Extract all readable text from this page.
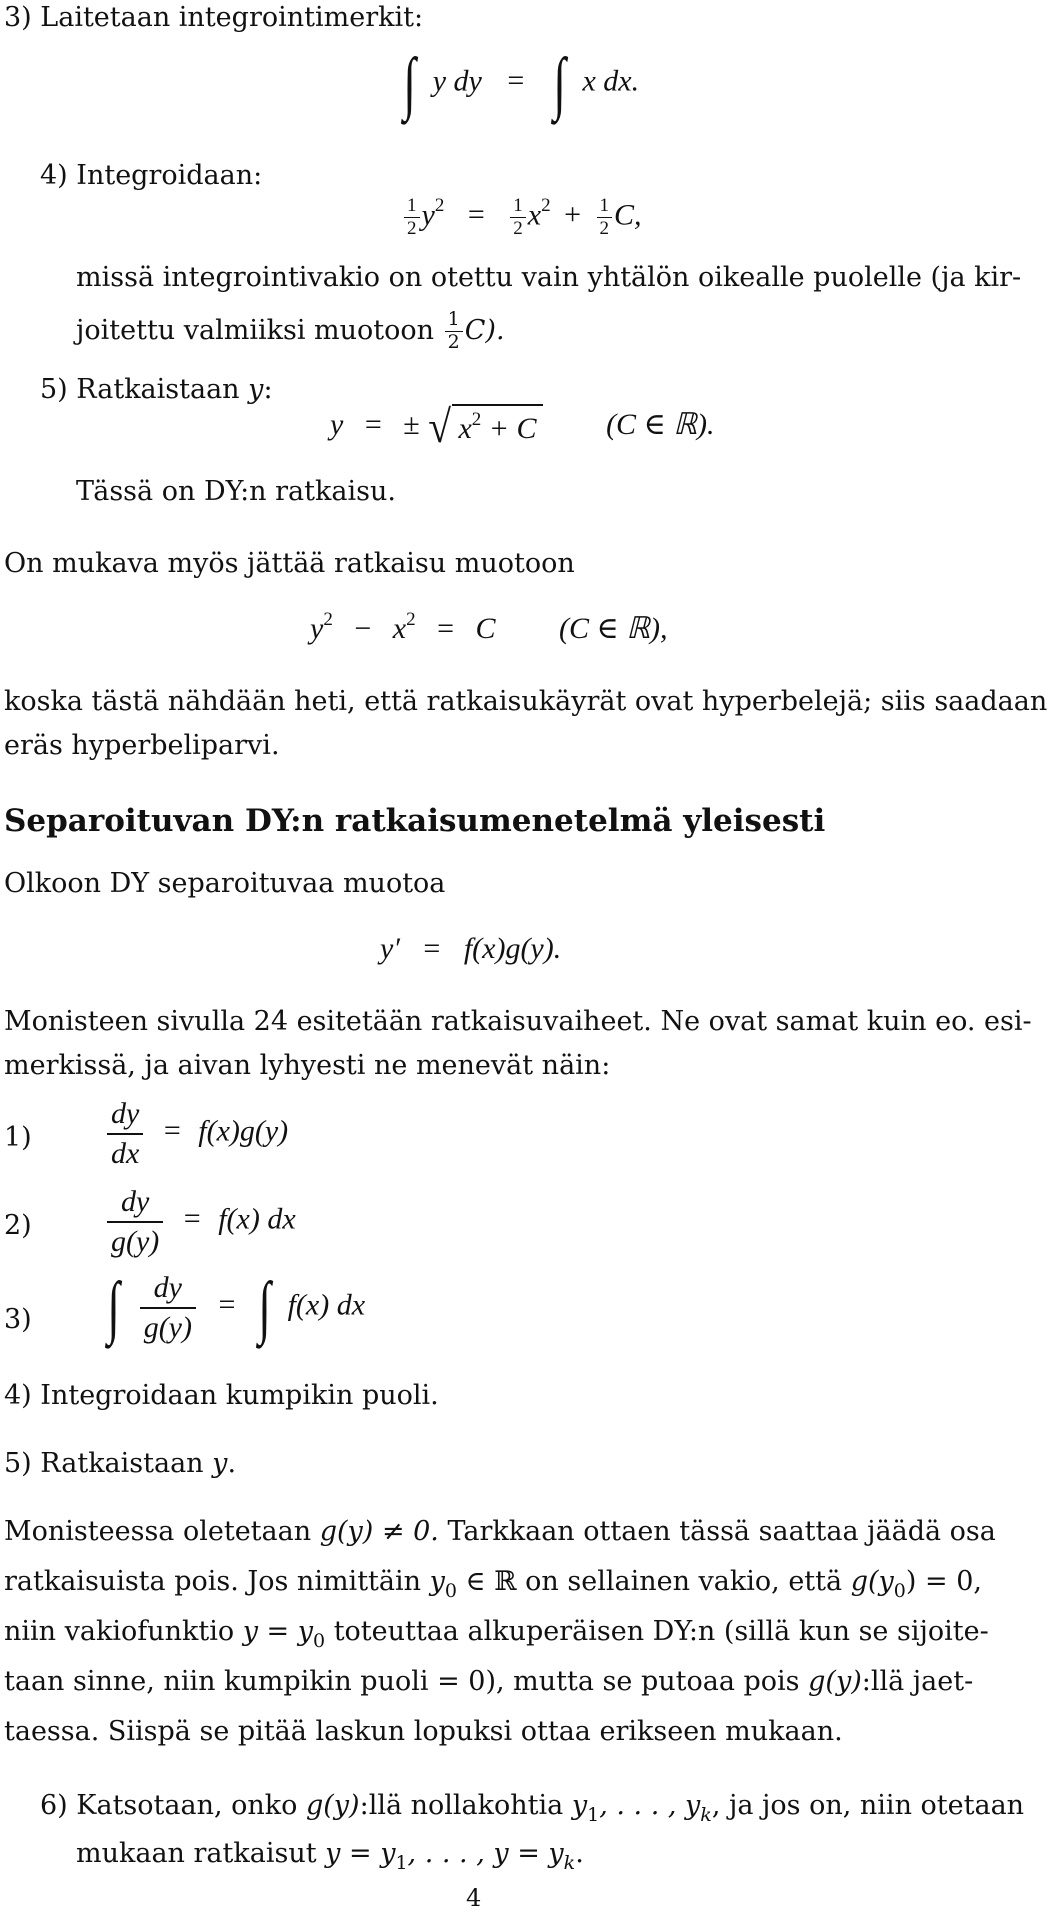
3) Laitetaan integrointimerkit:
∫ y dy = ∫ x dx.
4) Integroidaan:
$\frac{1}{2} y^2 = \frac{1}{2} x^2 + \frac{1}{2} C$,
missä integrointivakio on otettu vain yhtälön oikealle puolelle (ja kir-
joitettu valmiiksi muotoon $\frac{1}{2} C$).
5) Ratkaistaan y:
y = ± √ $x^2 + C$ (C ∈ ℝ).
Tässä on DY:n ratkaisu.
On mukava myös jättää ratkaisu muotoon
$y^2 - x^2 = C$ (C ∈ ℝ),
koska tästä nähdään heti, että ratkaisukäyrät ovat hyperbelejä; siis saadaan
eräs hyperbeliparvi.
Separoituvan DY:n ratkaisumenetelmä yleisesti
Olkoon DY separoituvaa muotoa
y′ = f(x)g(y).
Monisteen sivulla 24 esitetään ratkaisuvaiheet. Ne ovat samat kuin eo. esi-
merkissä, ja aivan lyhyesti ne menevät näin:
1)	$\frac{dy}{dx} = f(x)g(y)$
2)	$\frac{dy}{g(y)} = f(x)$ dx
3) ∫ $\frac{dy}{g(y)}$ = ∫ f(x) dx
4) Integroidaan kumpikin puoli.
5) Ratkaistaan y.
Monisteessa oletetaan g(y) ≠ 0. Tarkkaan ottaen tässä saattaa jäädä osa
ratkaisuista pois. Jos nimittäin $y_0$ ∈ ℝ on sellainen vakio, että $g(y_0) = 0$,
niin vakiofunktio $y = y_0$ toteuttaa alkuperäisen DY:n (sillä kun se sijoite-
taan sinne, niin kumpikin puoli = 0), mutta se putoaa pois g(y):llä jaet-
taessa. Siispä se pitää laskun lopuksi ottaa erikseen mukaan.
6) Katsotaan, onko g(y):llä nollakohtia $y_1$, . . . , $y_k$, ja jos on, niin otetaan
mukaan ratkaisut $y = y_1$, . . . , $y = y_k$.
4
